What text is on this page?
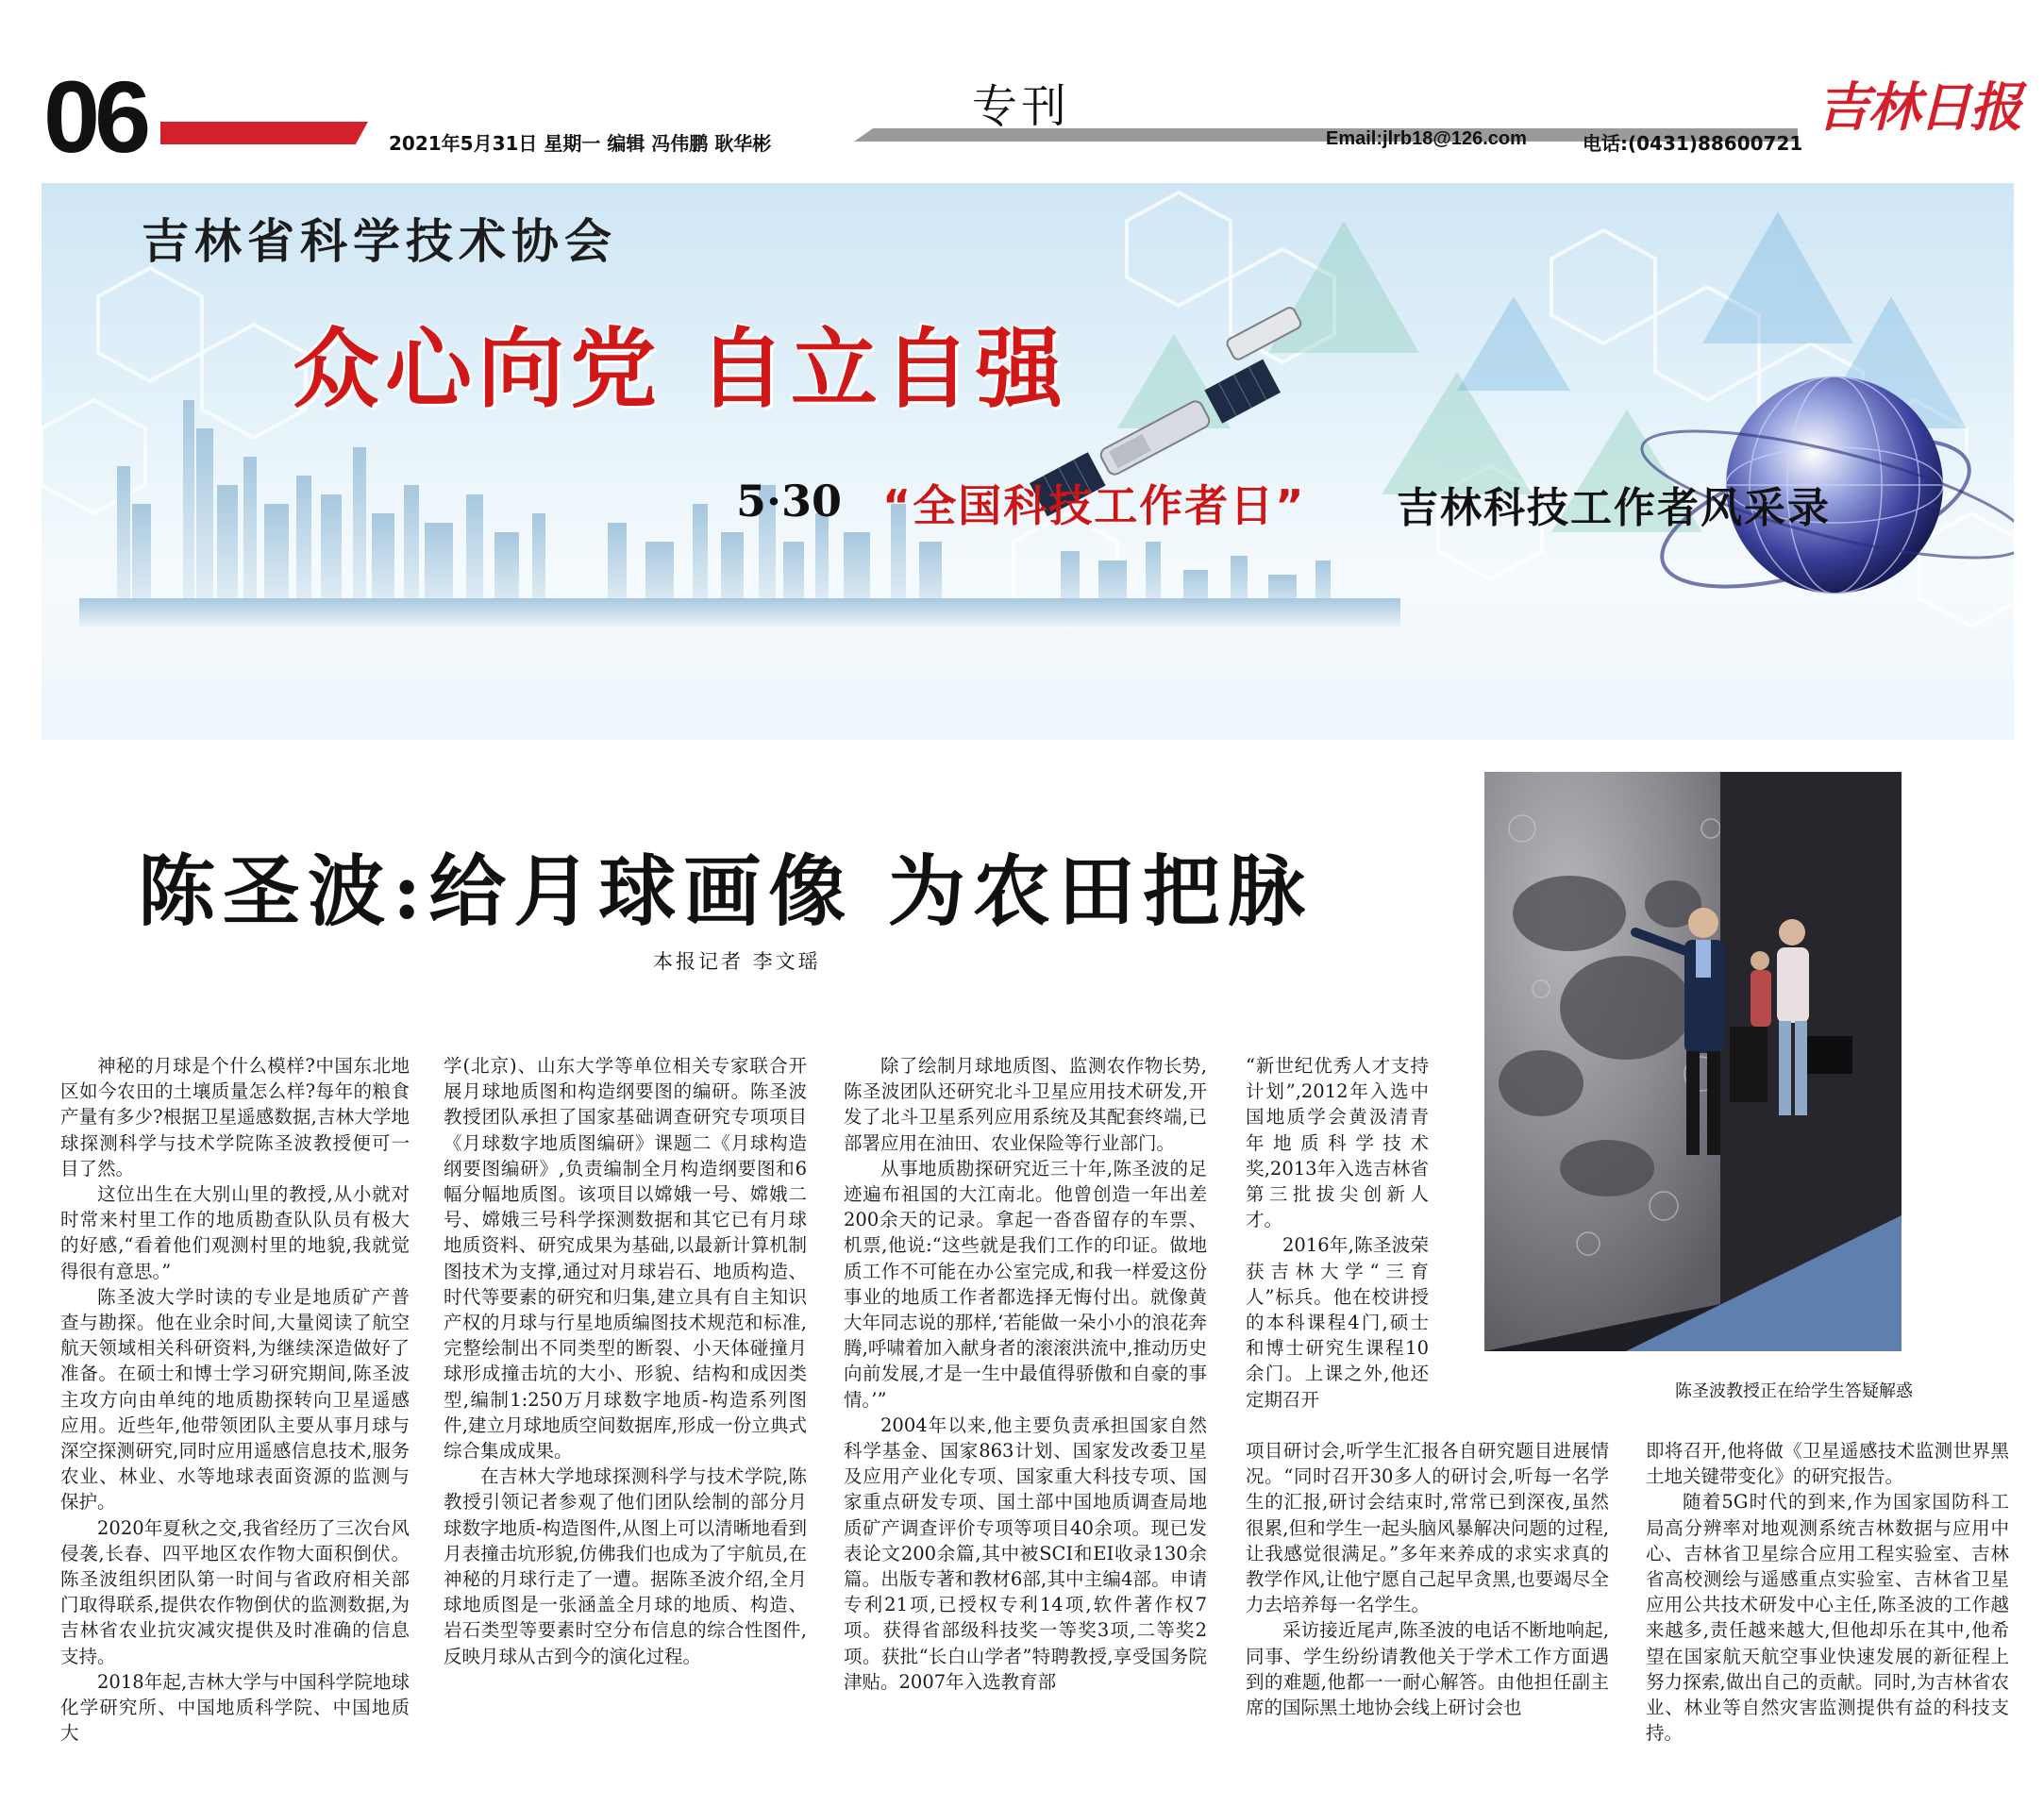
06	专刊
2021年5月31日 星期一 编辑 冯伟鹏 耿华彬	Email:jlrb18@126.com	电话:(0431)88600721
吉林日报
吉林省科学技术协会
众心向党 自立自强
5·30 “全国科技工作者日” 吉林科技工作者风采录
陈圣波:给月球画像 为农田把脉
本报记者 李文瑶
陈圣波教授正在给学生答疑解惑

神秘的月球是个什么模样?中国东北地区如今农田的土壤质量怎么样?每年的粮食产量有多少?根据卫星遥感数据,吉林大学地球探测科学与技术学院陈圣波教授便可一目了然。

这位出生在大别山里的教授,从小就对时常来村里工作的地质勘查队队员有极大的好感,“看着他们观测村里的地貌,我就觉得很有意思。”

陈圣波大学时读的专业是地质矿产普查与勘探。他在业余时间,大量阅读了航空航天领域相关科研资料,为继续深造做好了准备。在硕士和博士学习研究期间,陈圣波主攻方向由单纯的地质勘探转向卫星遥感应用。近些年,他带领团队主要从事月球与深空探测研究,同时应用遥感信息技术,服务农业、林业、水等地球表面资源的监测与保护。

2020年夏秋之交,我省经历了三次台风侵袭,长春、四平地区农作物大面积倒伏。陈圣波组织团队第一时间与省政府相关部门取得联系,提供农作物倒伏的监测数据,为吉林省农业抗灾减灾提供及时准确的信息支持。

2018年起,吉林大学与中国科学院地球化学研究所、中国地质科学院、中国地质大

学(北京)、山东大学等单位相关专家联合开展月球地质图和构造纲要图的编研。陈圣波教授团队承担了国家基础调查研究专项项目《月球数字地质图编研》课题二《月球构造纲要图编研》,负责编制全月构造纲要图和6幅分幅地质图。该项目以嫦娥一号、嫦娥二号、嫦娥三号科学探测数据和其它已有月球地质资料、研究成果为基础,以最新计算机制图技术为支撑,通过对月球岩石、地质构造、时代等要素的研究和归集,建立具有自主知识产权的月球与行星地质编图技术规范和标准,完整绘制出不同类型的断裂、小天体碰撞月球形成撞击坑的大小、形貌、结构和成因类型,编制1:250万月球数字地质-构造系列图件,建立月球地质空间数据库,形成一份立典式综合集成成果。

在吉林大学地球探测科学与技术学院,陈教授引领记者参观了他们团队绘制的部分月球数字地质-构造图件,从图上可以清晰地看到月表撞击坑形貌,仿佛我们也成为了宇航员,在神秘的月球行走了一遭。据陈圣波介绍,全月球地质图是一张涵盖全月球的地质、构造、岩石类型等要素时空分布信息的综合性图件,反映月球从古到今的演化过程。

除了绘制月球地质图、监测农作物长势,陈圣波团队还研究北斗卫星应用技术研发,开发了北斗卫星系列应用系统及其配套终端,已部署应用在油田、农业保险等行业部门。

从事地质勘探研究近三十年,陈圣波的足迹遍布祖国的大江南北。他曾创造一年出差200余天的记录。拿起一沓沓留存的车票、机票,他说:“这些就是我们工作的印证。做地质工作不可能在办公室完成,和我一样爱这份事业的地质工作者都选择无悔付出。就像黄大年同志说的那样,‘若能做一朵小小的浪花奔腾,呼啸着加入献身者的滚滚洪流中,推动历史向前发展,才是一生中最值得骄傲和自豪的事情。’”

2004年以来,他主要负责承担国家自然科学基金、国家863计划、国家发改委卫星及应用产业化专项、国家重大科技专项、国家重点研发专项、国土部中国地质调查局地质矿产调查评价专项等项目40余项。现已发表论文200余篇,其中被SCI和EI收录130余篇。出版专著和教材6部,其中主编4部。申请专利21项,已授权专利14项,软件著作权7项。获得省部级科技奖一等奖3项,二等奖2项。获批“长白山学者”特聘教授,享受国务院津贴。2007年入选教育部

“新世纪优秀人才支持计划”,2012年入选中国地质学会黄汲清青年地质科学技术奖,2013年入选吉林省第三批拔尖创新人才。

2016年,陈圣波荣获吉林大学“三育人”标兵。他在校讲授的本科课程4门,硕士和博士研究生课程10余门。上课之外,他还定期召开

项目研讨会,听学生汇报各自研究题目进展情况。“同时召开30多人的研讨会,听每一名学生的汇报,研讨会结束时,常常已到深夜,虽然很累,但和学生一起头脑风暴解决问题的过程,让我感觉很满足。”多年来养成的求实求真的教学作风,让他宁愿自己起早贪黑,也要竭尽全力去培养每一名学生。

采访接近尾声,陈圣波的电话不断地响起,同事、学生纷纷请教他关于学术工作方面遇到的难题,他都一一耐心解答。由他担任副主席的国际黑土地协会线上研讨会也

即将召开,他将做《卫星遥感技术监测世界黑土地关键带变化》的研究报告。

随着5G时代的到来,作为国家国防科工局高分辨率对地观测系统吉林数据与应用中心、吉林省卫星综合应用工程实验室、吉林省高校测绘与遥感重点实验室、吉林省卫星应用公共技术研发中心主任,陈圣波的工作越来越多,责任越来越大,但他却乐在其中,他希望在国家航天航空事业快速发展的新征程上努力探索,做出自己的贡献。同时,为吉林省农业、林业等自然灾害监测提供有益的科技支持。
